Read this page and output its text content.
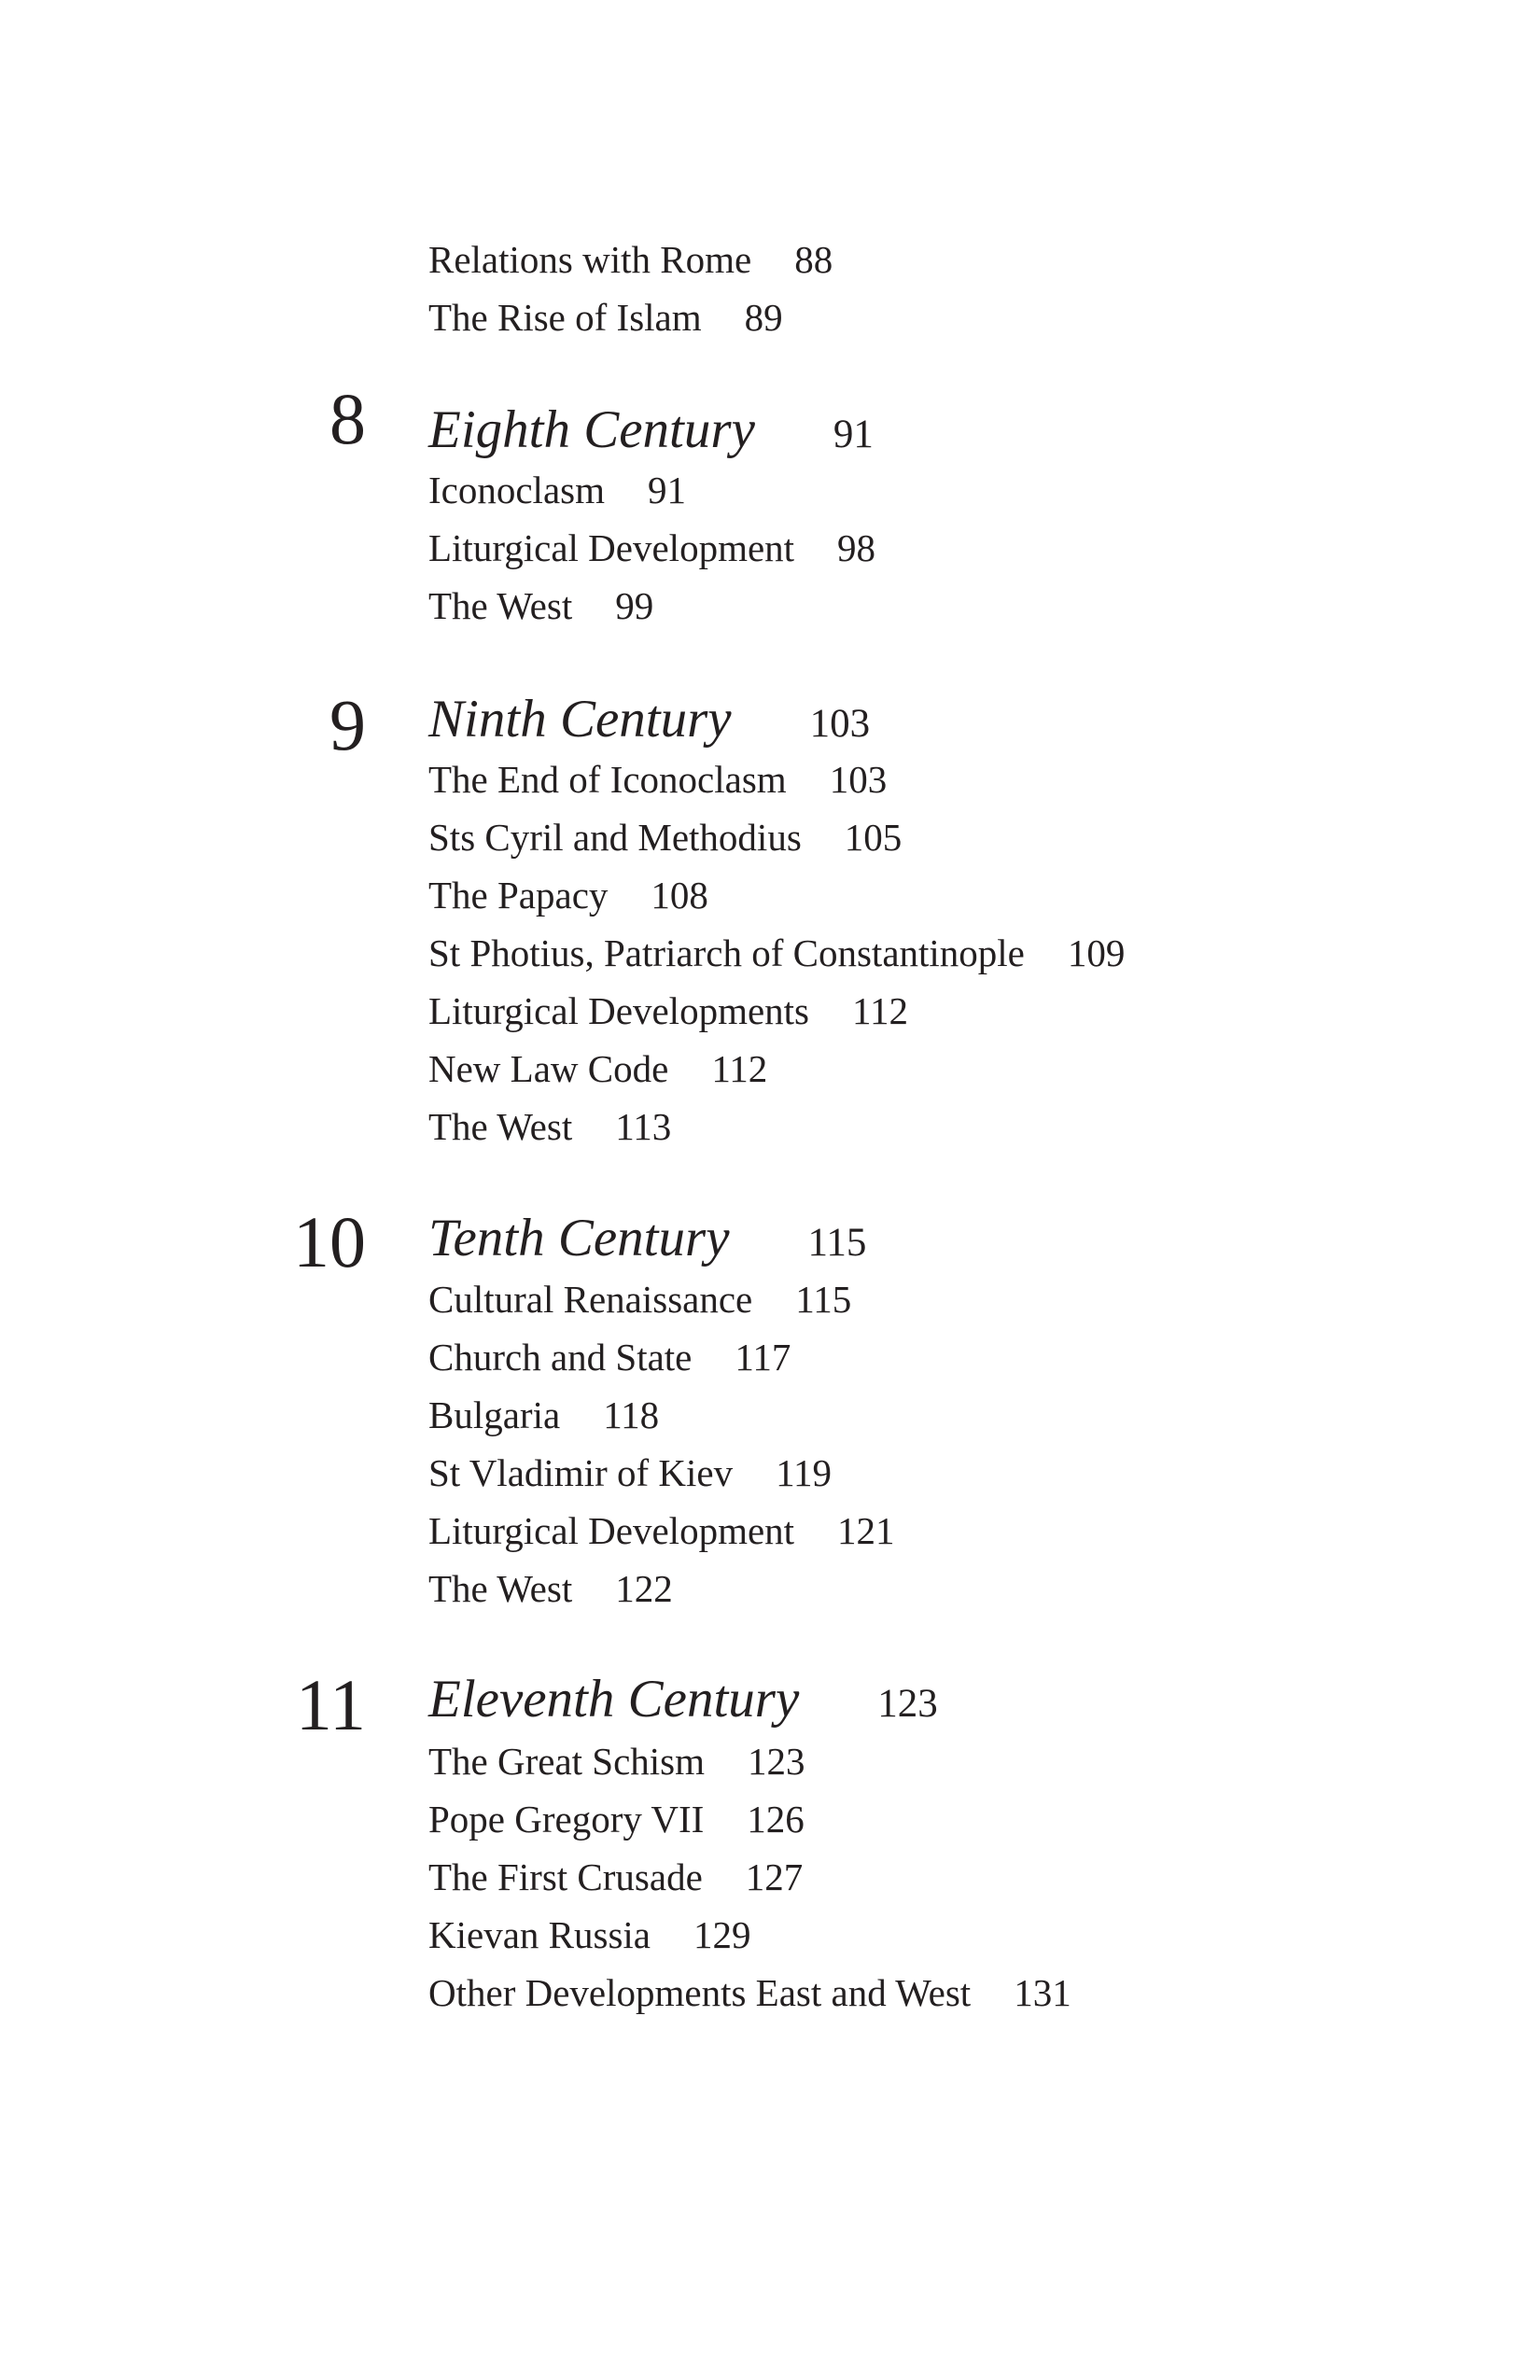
Relations with Rome 88
The Rise of Islam 89
8 Eighth Century 91
Iconoclasm 91
Liturgical Development 98
The West 99
9 Ninth Century 103
The End of Iconoclasm 103
Sts Cyril and Methodius 105
The Papacy 108
St Photius, Patriarch of Constantinople 109
Liturgical Developments 112
New Law Code 112
The West 113
10 Tenth Century 115
Cultural Renaissance 115
Church and State 117
Bulgaria 118
St Vladimir of Kiev 119
Liturgical Development 121
The West 122
11 Eleventh Century 123
The Great Schism 123
Pope Gregory VII 126
The First Crusade 127
Kievan Russia 129
Other Developments East and West 131
